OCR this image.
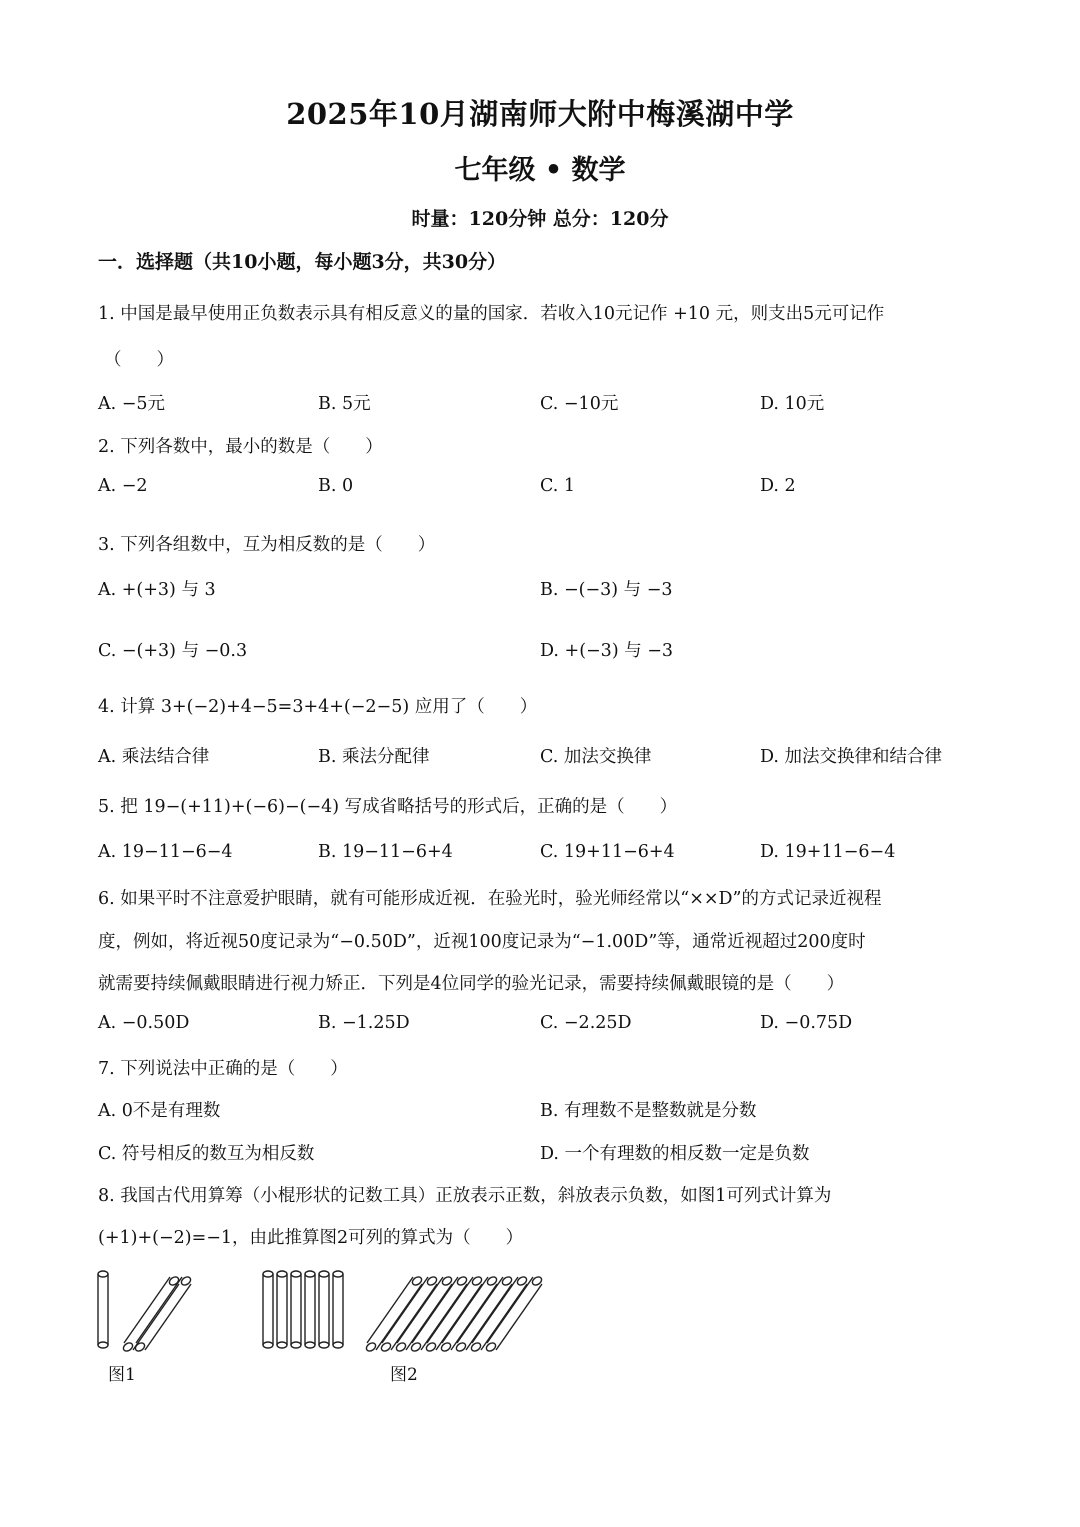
2025年10月湖南师大附中梅溪湖中学
七年级 • 数学
时量：120分钟 总分：120分
一．选择题（共10小题，每小题3分，共30分）
1. 中国是最早使用正负数表示具有相反意义的量的国家．若收入10元记作 +10 元，则支出5元可记作
（　　）
A. −5元	B. 5元	C. −10元	D. 10元
2. 下列各数中，最小的数是（　　）
A. −2	B. 0	C. 1	D. 2
3. 下列各组数中，互为相反数的是（　　）
A. +(+3) 与 3	B. −(−3) 与 −3
C. −(+3) 与 −0.3	D. +(−3) 与 −3
4. 计算 3+(−2)+4−5=3+4+(−2−5) 应用了（　　）
A. 乘法结合律	B. 乘法分配律	C. 加法交换律	D. 加法交换律和结合律
5. 把 19−(+11)+(−6)−(−4) 写成省略括号的形式后，正确的是（　　）
A. 19−11−6−4	B. 19−11−6+4	C. 19+11−6+4	D. 19+11−6−4
6. 如果平时不注意爱护眼睛，就有可能形成近视．在验光时，验光师经常以“××D”的方式记录近视程
度，例如，将近视50度记录为“−0.50D”，近视100度记录为“−1.00D”等，通常近视超过200度时
就需要持续佩戴眼睛进行视力矫正．下列是4位同学的验光记录，需要持续佩戴眼镜的是（　　）
A. −0.50D	B. −1.25D	C. −2.25D	D. −0.75D
7. 下列说法中正确的是（　　）
A. 0不是有理数	B. 有理数不是整数就是分数
C. 符号相反的数互为相反数	D. 一个有理数的相反数一定是负数
8. 我国古代用算筹（小棍形状的记数工具）正放表示正数，斜放表示负数，如图1可列式计算为
(+1)+(−2)=−1，由此推算图2可列的算式为（　　）
图1	图2
